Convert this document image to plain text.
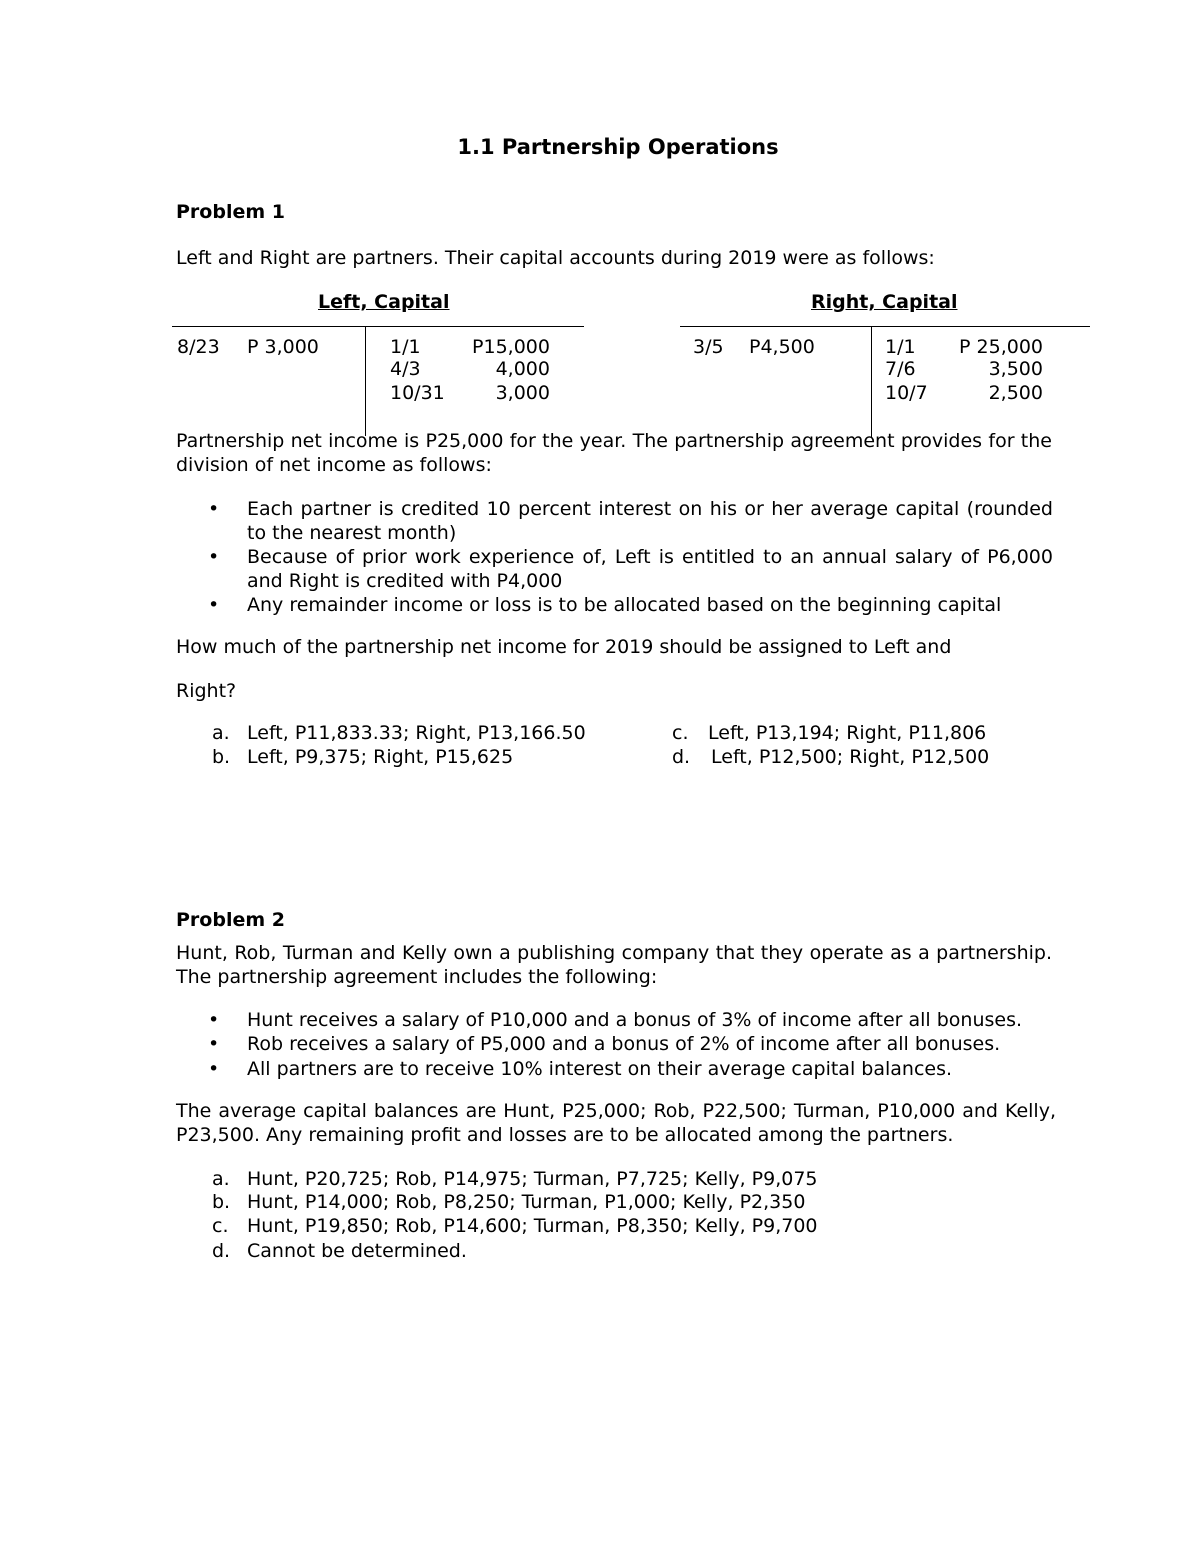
1.1 Partnership Operations
Problem 1
Left and Right are partners. Their capital accounts during 2019 were as follows:
Left, Capital
8/23 P 3,000	1/1	P15,000
4/3	4,000
10/31	3,000
Right, Capital
3/5 P4,500	1/1	P 25,000
7/6	3,500
10/7	2,500
Partnership net income is P25,000 for the year. The partnership agreement provides for the division of net income as follows:
• Each partner is credited 10 percent interest on his or her average capital (rounded to the nearest month)
• Because of prior work experience of, Left is entitled to an annual salary of P6,000 and Right is credited with P4,000
• Any remainder income or loss is to be allocated based on the beginning capital
How much of the partnership net income for 2019 should be assigned to Left and
Right?
a. Left, P11,833.33; Right, P13,166.50
b. Left, P9,375; Right, P15,625
c. Left, P13,194; Right, P11,806
d. Left, P12,500; Right, P12,500
Problem 2
Hunt, Rob, Turman and Kelly own a publishing company that they operate as a partnership. The partnership agreement includes the following:
• Hunt receives a salary of P10,000 and a bonus of 3% of income after all bonuses.
• Rob receives a salary of P5,000 and a bonus of 2% of income after all bonuses.
• All partners are to receive 10% interest on their average capital balances.
The average capital balances are Hunt, P25,000; Rob, P22,500; Turman, P10,000 and Kelly, P23,500. Any remaining profit and losses are to be allocated among the partners.
a. Hunt, P20,725; Rob, P14,975; Turman, P7,725; Kelly, P9,075
b. Hunt, P14,000; Rob, P8,250; Turman, P1,000; Kelly, P2,350
c. Hunt, P19,850; Rob, P14,600; Turman, P8,350; Kelly, P9,700
d. Cannot be determined.
